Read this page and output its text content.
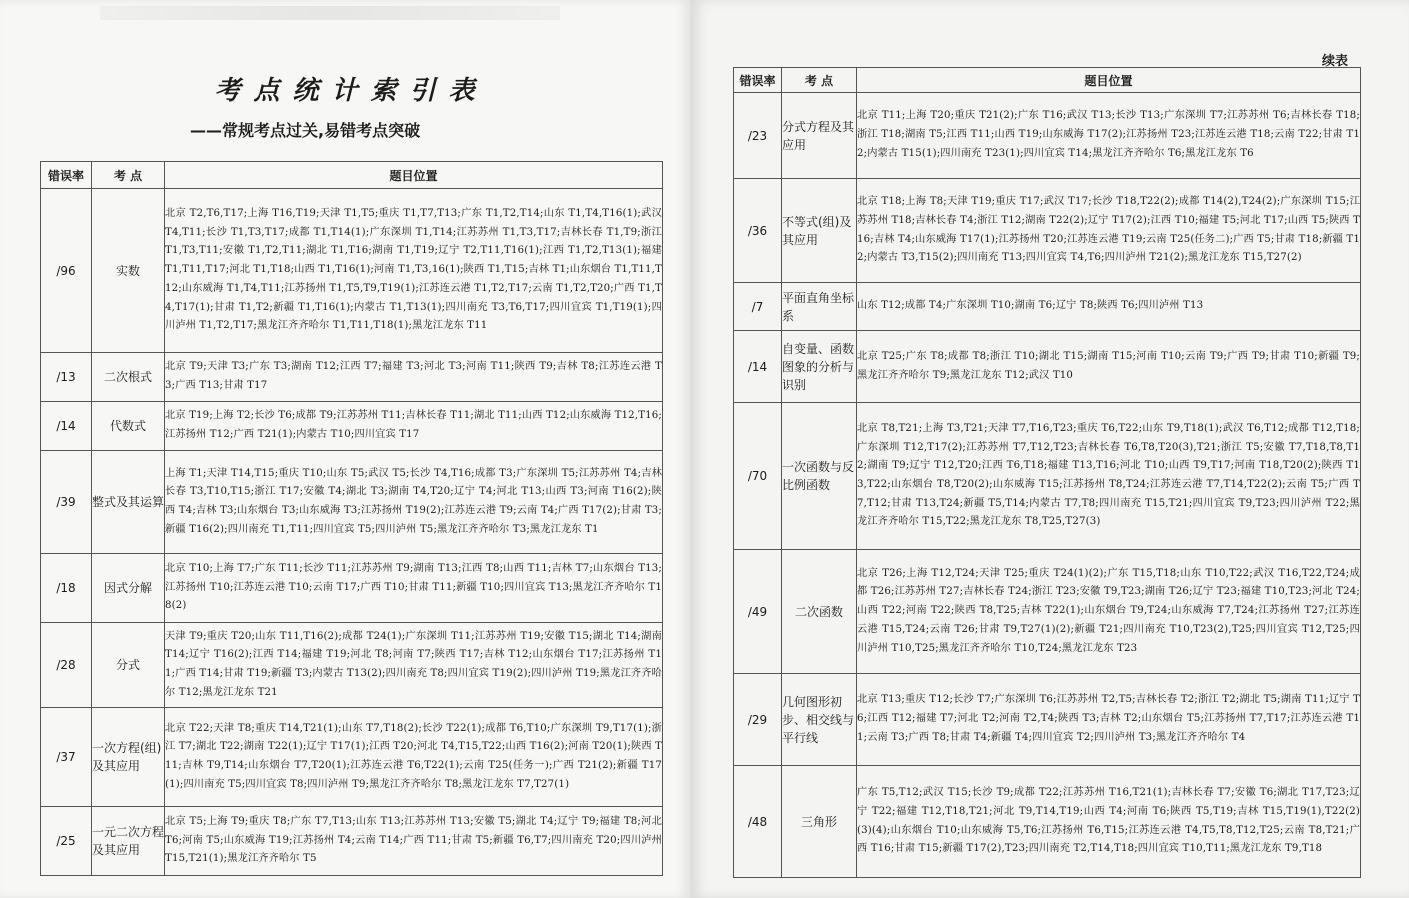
考点统计索引表
——常规考点过关,易错考点突破
续表
错误率	考 点	题目位置
/96	实数	北京 T2,T6,T17;上海 T16,T19;天津 T1,T5;重庆 T1,T7,T13;广东 T1,T2,T14;山东 T1,T4,T16(1);武汉 T4,T11;长沙 T1,T3,T17;成都 T1,T14(1);广东深圳 T1,T14;江苏苏州 T1,T3,T17;吉林长春 T1,T9;浙江 T1,T3,T11;安徽 T1,T2,T11;湖北 T1,T16;湖南 T1,T19;辽宁 T2,T11,T16(1);江西 T1,T2,T13(1);福建 T1,T11,T17;河北 T1,T18;山西 T1,T16(1);河南 T1,T3,16(1);陕西 T1,T15;吉林 T1;山东烟台 T1,T11,T12;山东威海 T1,T4,T11;江苏扬州 T1,T5,T9,T19(1);江苏连云港 T1,T2,T17;云南 T1,T2,T20;广西 T1,T4,T17(1);甘肃 T1,T2;新疆 T1,T16(1);内蒙古 T1,T13(1);四川南充 T3,T6,T17;四川宜宾 T1,T19(1);四川泸州 T1,T2,T17;黑龙江齐齐哈尔 T1,T11,T18(1);黑龙江龙东 T11
/13	二次根式	北京 T9;天津 T3;广东 T3;湖南 T12;江西 T7;福建 T3;河北 T3;河南 T11;陕西 T9;吉林 T8;江苏连云港 T3;广西 T13;甘肃 T17
/14	代数式	北京 T19;上海 T2;长沙 T6;成都 T9;江苏苏州 T11;吉林长春 T11;湖北 T11;山西 T12;山东威海 T12,T16;江苏扬州 T12;广西 T21(1);内蒙古 T10;四川宜宾 T17
/39	整式及其运算	上海 T1;天津 T14,T15;重庆 T10;山东 T5;武汉 T5;长沙 T4,T16;成都 T3;广东深圳 T5;江苏苏州 T4;吉林长春 T3,T10,T15;浙江 T17;安徽 T4;湖北 T3;湖南 T4,T20;辽宁 T4;河北 T13;山西 T3;河南 T16(2);陕西 T4;吉林 T3;山东烟台 T3;山东威海 T3;江苏扬州 T19(2);江苏连云港 T9;云南 T4;广西 T17(2);甘肃 T3;新疆 T16(2);四川南充 T1,T11;四川宜宾 T5;四川泸州 T5;黑龙江齐齐哈尔 T3;黑龙江龙东 T1
/18	因式分解	北京 T10;上海 T7;广东 T11;长沙 T11;江苏苏州 T9;湖南 T13;江西 T8;山西 T11;吉林 T7;山东烟台 T13;江苏扬州 T10;江苏连云港 T10;云南 T17;广西 T10;甘肃 T11;新疆 T10;四川宜宾 T13;黑龙江齐齐哈尔 T18(2)
/28	分式	天津 T9;重庆 T20;山东 T11,T16(2);成都 T24(1);广东深圳 T11;江苏苏州 T19;安徽 T15;湖北 T14;湖南 T14;辽宁 T16(2);江西 T14;福建 T19;河北 T8;河南 T7;陕西 T17;吉林 T12;山东烟台 T17;江苏扬州 T11;广西 T14;甘肃 T19;新疆 T3;内蒙古 T13(2);四川南充 T8;四川宜宾 T19(2);四川泸州 T19;黑龙江齐齐哈尔 T12;黑龙江龙东 T21
/37	一次方程(组)及其应用	北京 T22;天津 T8;重庆 T14,T21(1);山东 T7,T18(2);长沙 T22(1);成都 T6,T10;广东深圳 T9,T17(1);浙江 T7;湖北 T22;湖南 T22(1);辽宁 T17(1);江西 T20;河北 T4,T15,T22;山西 T16(2);河南 T20(1);陕西 T11;吉林 T9,T14;山东烟台 T7,T20(1);江苏连云港 T6,T22(1);云南 T25(任务一);广西 T21(2);新疆 T17(1);四川南充 T5;四川宜宾 T8;四川泸州 T9;黑龙江齐齐哈尔 T8;黑龙江龙东 T7,T27(1)
/25	一元二次方程及其应用	北京 T5;上海 T9;重庆 T8;广东 T7,T13;山东 T13;江苏苏州 T13;安徽 T5;湖北 T4;辽宁 T9;福建 T8;河北 T6;河南 T5;山东威海 T19;江苏扬州 T4;云南 T14;广西 T11;甘肃 T5;新疆 T6,T7;四川南充 T20;四川泸州 T15,T21(1);黑龙江齐齐哈尔 T5
错误率	考 点	题目位置
/23	分式方程及其应用	北京 T11;上海 T20;重庆 T21(2);广东 T16;武汉 T13;长沙 T13;广东深圳 T7;江苏苏州 T6;吉林长春 T18;浙江 T18;湖南 T5;江西 T11;山西 T19;山东威海 T17(2);江苏扬州 T23;江苏连云港 T18;云南 T22;甘肃 T12;内蒙古 T15(1);四川南充 T23(1);四川宜宾 T14;黑龙江齐齐哈尔 T6;黑龙江龙东 T6
/36	不等式(组)及其应用	北京 T18;上海 T8;天津 T19;重庆 T17;武汉 T17;长沙 T18,T22(2);成都 T14(2),T24(2);广东深圳 T15;江苏苏州 T18;吉林长春 T4;浙江 T12;湖南 T22(2);辽宁 T17(2);江西 T10;福建 T5;河北 T17;山西 T5;陕西 T16;吉林 T4;山东威海 T17(1);江苏扬州 T20;江苏连云港 T19;云南 T25(任务二);广西 T5;甘肃 T18;新疆 T12;内蒙古 T3,T15(2);四川南充 T13;四川宜宾 T4,T6;四川泸州 T21(2);黑龙江龙东 T15,T27(2)
/7	平面直角坐标系	山东 T12;成都 T4;广东深圳 T10;湖南 T6;辽宁 T8;陕西 T6;四川泸州 T13
/14	自变量、函数图象的分析与识别	北京 T25;广东 T8;成都 T8;浙江 T10;湖北 T15;湖南 T15;河南 T10;云南 T9;广西 T9;甘肃 T10;新疆 T9;黑龙江齐齐哈尔 T9;黑龙江龙东 T12;武汉 T10
/70	一次函数与反比例函数	北京 T8,T21;上海 T3,T21;天津 T7,T16,T23;重庆 T6,T22;山东 T9,T18(1);武汉 T6,T12;成都 T12,T18;广东深圳 T12,T17(2);江苏苏州 T7,T12,T23;吉林长春 T6,T8,T20(3),T21;浙江 T5;安徽 T7,T18,T8,T12;湖南 T9;辽宁 T12,T20;江西 T6,T18;福建 T13,T16;河北 T10;山西 T9,T17;河南 T18,T20(2);陕西 T13,T22;山东烟台 T8,T20(2);山东威海 T15;江苏扬州 T8,T24;江苏连云港 T7,T14,T22(2);云南 T5;广西 T7,T12;甘肃 T13,T24;新疆 T5,T14;内蒙古 T7,T8;四川南充 T15,T21;四川宜宾 T9,T23;四川泸州 T22;黑龙江齐齐哈尔 T15,T22;黑龙江龙东 T8,T25,T27(3)
/49	二次函数	北京 T26;上海 T12,T24;天津 T25;重庆 T24(1)(2);广东 T15,T18;山东 T10,T22;武汉 T16,T22,T24;成都 T26;江苏苏州 T27;吉林长春 T24;浙江 T23;安徽 T9,T23;湖南 T26;辽宁 T23;福建 T10,T23;河北 T24;山西 T22;河南 T22;陕西 T8,T25;吉林 T22(1);山东烟台 T9,T24;山东威海 T7,T24;江苏扬州 T27;江苏连云港 T15,T24;云南 T26;甘肃 T9,T27(1)(2);新疆 T21;四川南充 T10,T23(2),T25;四川宜宾 T12,T25;四川泸州 T10,T25;黑龙江齐齐哈尔 T10,T24;黑龙江龙东 T23
/29	几何图形初步、相交线与平行线	北京 T13;重庆 T12;长沙 T7;广东深圳 T6;江苏苏州 T2,T5;吉林长春 T2;浙江 T2;湖北 T5;湖南 T11;辽宁 T6;江西 T12;福建 T7;河北 T2;河南 T2,T4;陕西 T3;吉林 T2;山东烟台 T5;江苏扬州 T7,T17;江苏连云港 T11;云南 T3;广西 T8;甘肃 T4;新疆 T4;四川宜宾 T2;四川泸州 T3;黑龙江齐齐哈尔 T4
/48	三角形	广东 T5,T12;武汉 T15;长沙 T9;成都 T22;江苏苏州 T16,T21(1);吉林长春 T7;安徽 T6;湖北 T17,T23;辽宁 T22;福建 T12,T18,T21;河北 T9,T14,T19;山西 T4;河南 T6;陕西 T5,T19;吉林 T15,T19(1),T22(2)(3)(4);山东烟台 T10;山东威海 T5,T6;江苏扬州 T6,T15;江苏连云港 T4,T5,T8,T12,T25;云南 T8,T21;广西 T16;甘肃 T15;新疆 T17(2),T23;四川南充 T2,T14,T18;四川宜宾 T10,T11;黑龙江龙东 T9,T18
